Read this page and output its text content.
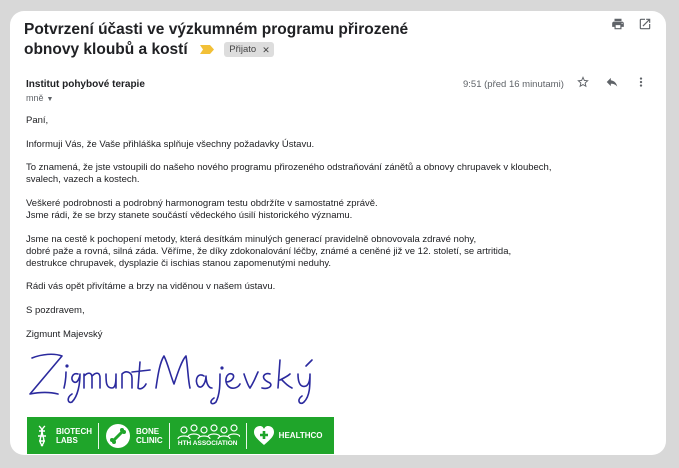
Potvrzení účasti ve výzkumném programu přirozené obnovy kloubů a kostí	Přijato ✕
Institut pohybové terapie
mně ▼
9:51 (před 16 minutami)

Paní,

Informuji Vás, že Vaše přihláška splňuje všechny požadavky Ústavu.

To znamená, že jste vstoupili do našeho nového programu přirozeného odstraňování zánětů a obnovy chrupavek v kloubech,
svalech, vazech a kostech.

Veškeré podrobnosti a podrobný harmonogram testu obdržíte v samostatné zprávě.
Jsme rádi, že se brzy stanete součástí vědeckého úsilí historického významu.

Jsme na cestě k pochopení metody, která desítkám minulých generací pravidelně obnovovala zdravé nohy,
dobré paže a rovná, silná záda. Věříme, že díky zdokonalování léčby, známé a ceněné již ve 12. století, se artritida,
destrukce chrupavek, dysplazie či ischias stanou zapomenutými neduhy.

Rádi vás opět přivítáme a brzy na viděnou v našem ústavu.

S pozdravem,

Zigmunt Majevský

BIOTECH
LABS
BONE
CLINIC HTH ASSOCIATION
HEALTHCO
